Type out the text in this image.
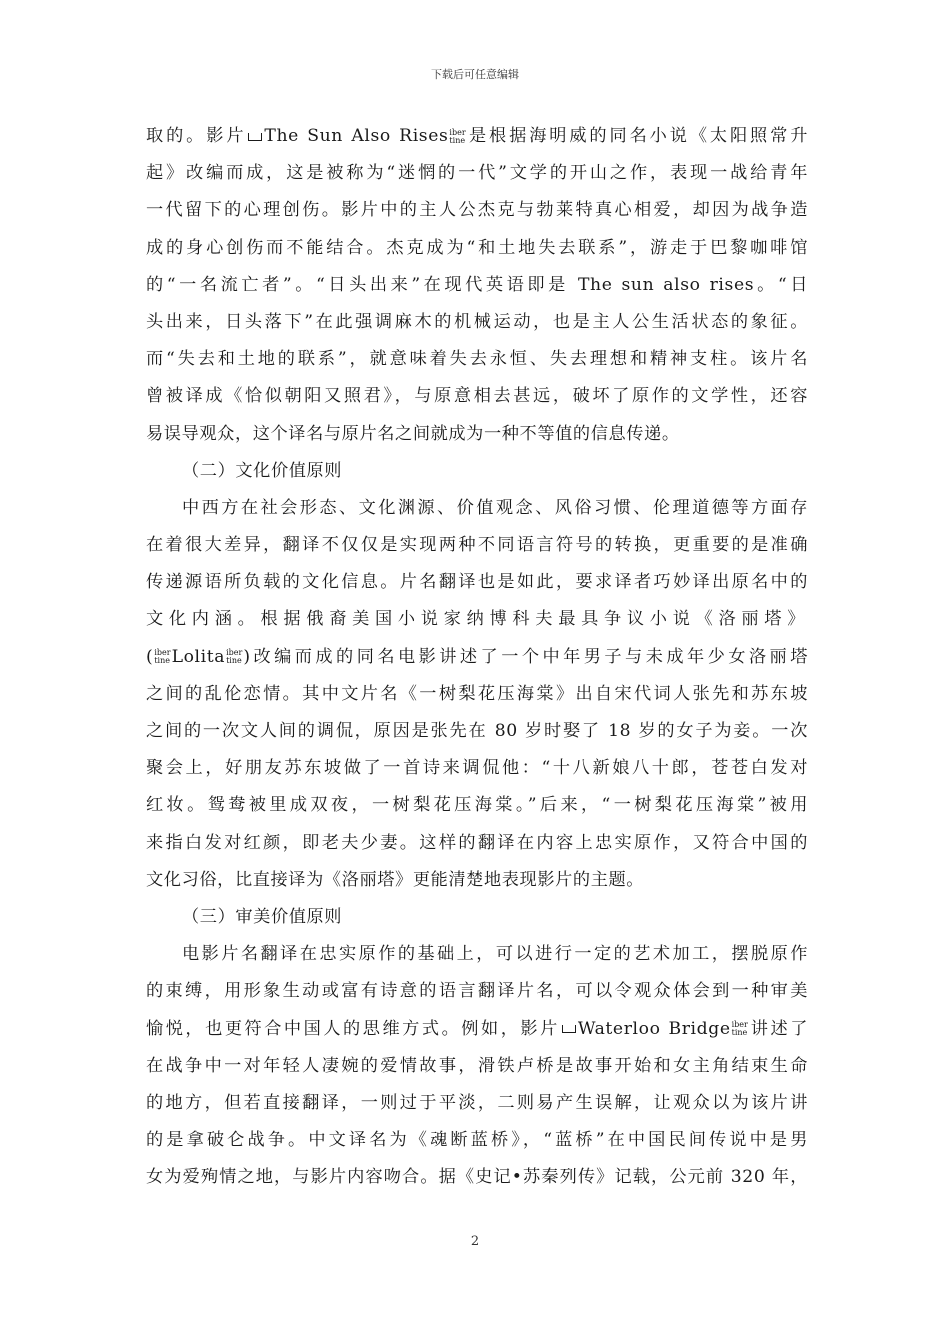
下载后可任意编辑
取的。影片 The Sun Also Rises iber
tine 是根据海明威的同名小说《太阳照常升
起》改编而成，这是被称为“迷惘的一代”文学的开山之作，表现一战给青年
一代留下的心理创伤。影片中的主人公杰克与勃莱特真心相爱，却因为战争造
成的身心创伤而不能结合。杰克成为“和土地失去联系”，游走于巴黎咖啡馆
的“一名流亡者”。“日头出来”在现代英语即是 The sun also rises。“日
头出来，日头落下”在此强调麻木的机械运动，也是主人公生活状态的象征。
而“失去和土地的联系”，就意味着失去永恒、失去理想和精神支柱。该片名
曾被译成《恰似朝阳又照君》，与原意相去甚远，破坏了原作的文学性，还容
易误导观众，这个译名与原片名之间就成为一种不等值的信息传递。
（二）文化价值原则
中西方在社会形态、文化渊源、价值观念、风俗习惯、伦理道德等方面存
在着很大差异，翻译不仅仅是实现两种不同语言符号的转换，更重要的是准确
传递源语所负载的文化信息。片名翻译也是如此，要求译者巧妙译出原名中的
文化内涵。根据俄裔美国小说家纳博科夫最具争议小说《洛丽塔》
( iber
tine Lolita iber
tine )改编而成的同名电影讲述了一个中年男子与未成年少女洛丽塔
之间的乱伦恋情。其中文片名《一树梨花压海棠》出自宋代词人张先和苏东坡
之间的一次文人间的调侃，原因是张先在 80 岁时娶了 18 岁的女子为妾。一次
聚会上，好朋友苏东坡做了一首诗来调侃他：“十八新娘八十郎，苍苍白发对
红妆。鸳鸯被里成双夜，一树梨花压海棠。”后来，“一树梨花压海棠”被用
来指白发对红颜，即老夫少妻。这样的翻译在内容上忠实原作，又符合中国的
文化习俗，比直接译为《洛丽塔》更能清楚地表现影片的主题。
（三）审美价值原则
电影片名翻译在忠实原作的基础上，可以进行一定的艺术加工，摆脱原作
的束缚，用形象生动或富有诗意的语言翻译片名，可以令观众体会到一种审美
愉悦，也更符合中国人的思维方式。例如，影片 Waterloo Bridge iber
tine 讲述了
在战争中一对年轻人凄婉的爱情故事，滑铁卢桥是故事开始和女主角结束生命
的地方，但若直接翻译，一则过于平淡，二则易产生误解，让观众以为该片讲
的是拿破仑战争。中文译名为《魂断蓝桥》，“蓝桥”在中国民间传说中是男
女为爱殉情之地，与影片内容吻合。据《史记•苏秦列传》记载，公元前 320 年，
2
